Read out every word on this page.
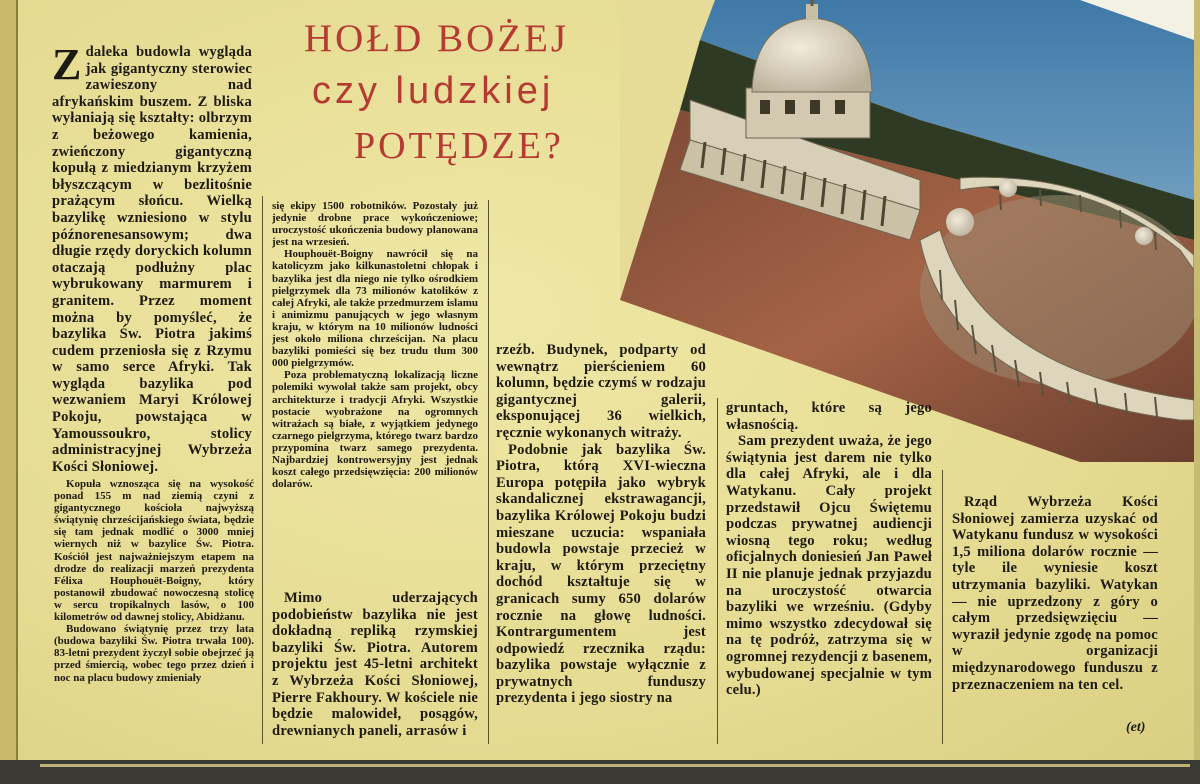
HOŁD BOŻEJ
czy ludzkiej
POTĘDZE?
Z daleka budowla wygląda jak gigantyczny sterowiec zawieszony nad afrykańskim buszem. Z bliska wyłaniają się kształty: olbrzym z beżowego kamienia, zwieńczony gigantyczną kopułą z miedzianym krzyżem błyszczącym w bezlitośnie prażącym słońcu. Wielką bazylikę wzniesiono w stylu późnorenesansowym; dwa długie rzędy doryckich kolumn otaczają podłużny plac wybrukowany marmurem i granitem. Przez moment można by pomyśleć, że bazylika Św. Piotra jakimś cudem przeniosła się z Rzymu w samo serce Afryki. Tak wygląda bazylika pod wezwaniem Maryi Królowej Pokoju, powstająca w Yamoussoukro, stolicy administracyjnej Wybrzeża Kości Słoniowej.

Kopuła wznosząca się na wysokość ponad 155 m nad ziemią czyni z gigantycznego kościoła najwyższą świątynię chrześcijańskiego świata, będzie się tam jednak modlić o 3000 mniej wiernych niż w bazylice Św. Piotra. Kościół jest najważniejszym etapem na drodze do realizacji marzeń prezydenta Félixa Houphouët-Boigny, który postanowił zbudować nowoczesną stolicę w sercu tropikalnych lasów, o 100 kilometrów od dawnej stolicy, Abidżanu.

Budowano świątynię przez trzy lata (budowa bazyliki Św. Piotra trwała 100). 83-letni prezydent życzył sobie obejrzeć ją przed śmiercią, wobec tego przez dzień i noc na placu budowy zmieniały

się ekipy 1500 robotników. Pozostały już jedynie drobne prace wykończeniowe; uroczystość ukończenia budowy planowana jest na wrzesień.

Houphouët-Boigny nawrócił się na katolicyzm jako kilkunastoletni chłopak i bazylika jest dla niego nie tylko ośrodkiem pielgrzymek dla 73 milionów katolików z całej Afryki, ale także przedmurzem islamu i animizmu panujących w jego własnym kraju, w którym na 10 milionów ludności jest około miliona chrześcijan. Na placu bazyliki pomieści się bez trudu tłum 300 000 pielgrzymów.

Poza problematyczną lokalizacją liczne polemiki wywołał także sam projekt, obcy architekturze i tradycji Afryki. Wszystkie postacie wyobrażone na ogromnych witrażach są białe, z wyjątkiem jedynego czarnego pielgrzyma, którego twarz bardzo przypomina twarz samego prezydenta. Najbardziej kontrowersyjny jest jednak koszt całego przedsięwzięcia: 200 milionów dolarów.

Mimo uderzających podobieństw bazylika nie jest dokładną repliką rzymskiej bazyliki Św. Piotra. Autorem projektu jest 45-letni architekt z Wybrzeża Kości Słoniowej, Pierre Fakhoury. W kościele nie będzie malowideł, posągów, drewnianych paneli, arrasów i

rzeźb. Budynek, podparty od wewnątrz pierścieniem 60 kolumn, będzie czymś w rodzaju gigantycznej galerii, eksponującej 36 wielkich, ręcznie wykonanych witraży.

Podobnie jak bazylika Św. Piotra, którą XVI-wieczna Europa potępiła jako wybryk skandalicznej ekstrawagancji, bazylika Królowej Pokoju budzi mieszane uczucia: wspaniała budowla powstaje przecież w kraju, w którym przeciętny dochód kształtuje się w granicach sumy 650 dolarów rocznie na głowę ludności. Kontrargumentem jest odpowiedź rzecznika rządu: bazylika powstaje wyłącznie z prywatnych funduszy prezydenta i jego siostry na

gruntach, które są jego własnością.

Sam prezydent uważa, że jego świątynia jest darem nie tylko dla całej Afryki, ale i dla Watykanu. Cały projekt przedstawił Ojcu Świętemu podczas prywatnej audiencji wiosną tego roku; według oficjalnych doniesień Jan Paweł II nie planuje jednak przyjazdu na uroczystość otwarcia bazyliki we wrześniu. (Gdyby mimo wszystko zdecydował się na tę podróż, zatrzyma się w ogromnej rezydencji z basenem, wybudowanej specjalnie w tym celu.)

Rząd Wybrzeża Kości Słoniowej zamierza uzyskać od Watykanu fundusz w wysokości 1,5 miliona dolarów rocznie — tyle ile wyniesie koszt utrzymania bazyliki. Watykan — nie uprzedzony z góry o całym przedsięwzięciu — wyraził jedynie zgodę na pomoc w organizacji międzynarodowego funduszu z przeznaczeniem na ten cel.

(et)
